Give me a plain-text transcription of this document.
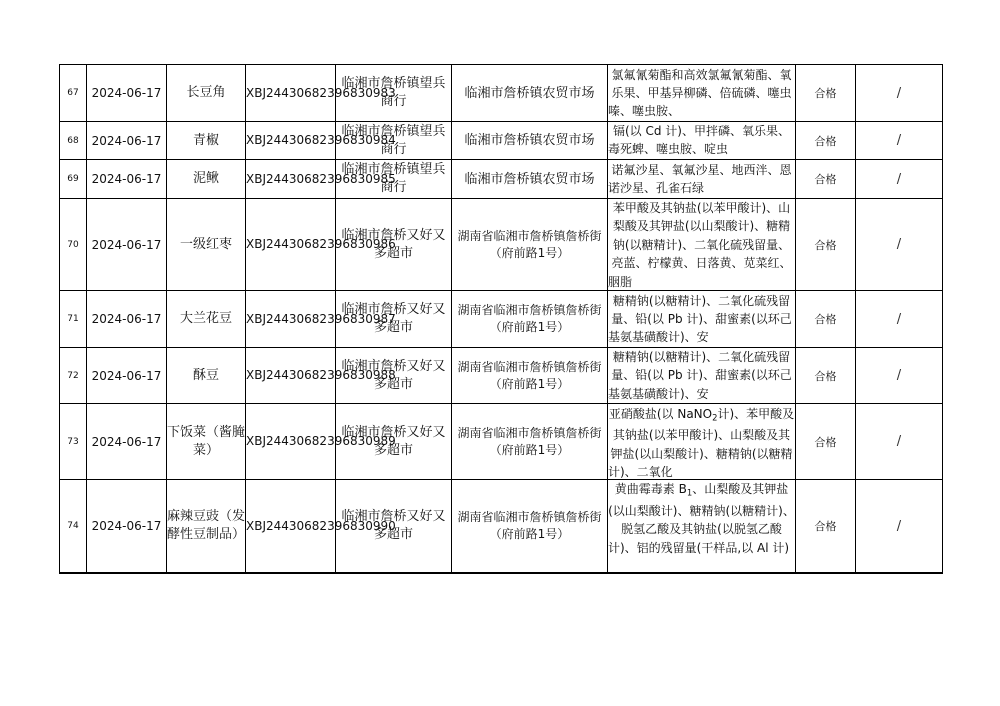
67	2024-06-17	长豆角	XBJ24430682396830983	临湘市詹桥镇望兵商行	临湘市詹桥镇农贸市场	氯氟氰菊酯和高效氯氟氰菊酯、氧乐果、甲基异柳磷、倍硫磷、噻虫嗪、噻虫胺、	合格	/
68	2024-06-17	青椒	XBJ24430682396830984	临湘市詹桥镇望兵商行	临湘市詹桥镇农贸市场	镉(以 Cd 计)、甲拌磷、氧乐果、毒死蜱、噻虫胺、啶虫	合格	/
69	2024-06-17	泥鳅	XBJ24430682396830985	临湘市詹桥镇望兵商行	临湘市詹桥镇农贸市场	诺氟沙星、氧氟沙星、地西泮、恩诺沙星、孔雀石绿	合格	/
70	2024-06-17	一级红枣	XBJ24430682396830986	临湘市詹桥又好又多超市	湖南省临湘市詹桥镇詹桥街（府前路1号）	苯甲酸及其钠盐(以苯甲酸计)、山梨酸及其钾盐(以山梨酸计)、糖精钠(以糖精计)、二氧化硫残留量、亮蓝、柠檬黄、日落黄、苋菜红、胭脂	合格	/
71	2024-06-17	大兰花豆	XBJ24430682396830987	临湘市詹桥又好又多超市	湖南省临湘市詹桥镇詹桥街（府前路1号）	糖精钠(以糖精计)、二氧化硫残留量、铅(以 Pb 计)、甜蜜素(以环己基氨基磺酸计)、安	合格	/
72	2024-06-17	酥豆	XBJ24430682396830988	临湘市詹桥又好又多超市	湖南省临湘市詹桥镇詹桥街（府前路1号）	糖精钠(以糖精计)、二氧化硫残留量、铅(以 Pb 计)、甜蜜素(以环己基氨基磺酸计)、安	合格	/
73	2024-06-17	下饭菜（酱腌菜）	XBJ24430682396830989	临湘市詹桥又好又多超市	湖南省临湘市詹桥镇詹桥街（府前路1号）	亚硝酸盐(以 NaNO$_2$计)、苯甲酸及其钠盐(以苯甲酸计)、山梨酸及其钾盐(以山梨酸计)、糖精钠(以糖精计)、二氧化	合格	/
74	2024-06-17	麻辣豆豉（发酵性豆制品）	XBJ24430682396830990	临湘市詹桥又好又多超市	湖南省临湘市詹桥镇詹桥街（府前路1号）	黄曲霉毒素 $B_1$、山梨酸及其钾盐(以山梨酸计)、糖精钠(以糖精计)、脱氢乙酸及其钠盐(以脱氢乙酸计)、铝的残留量(干样品,以 Al 计)	合格	/
